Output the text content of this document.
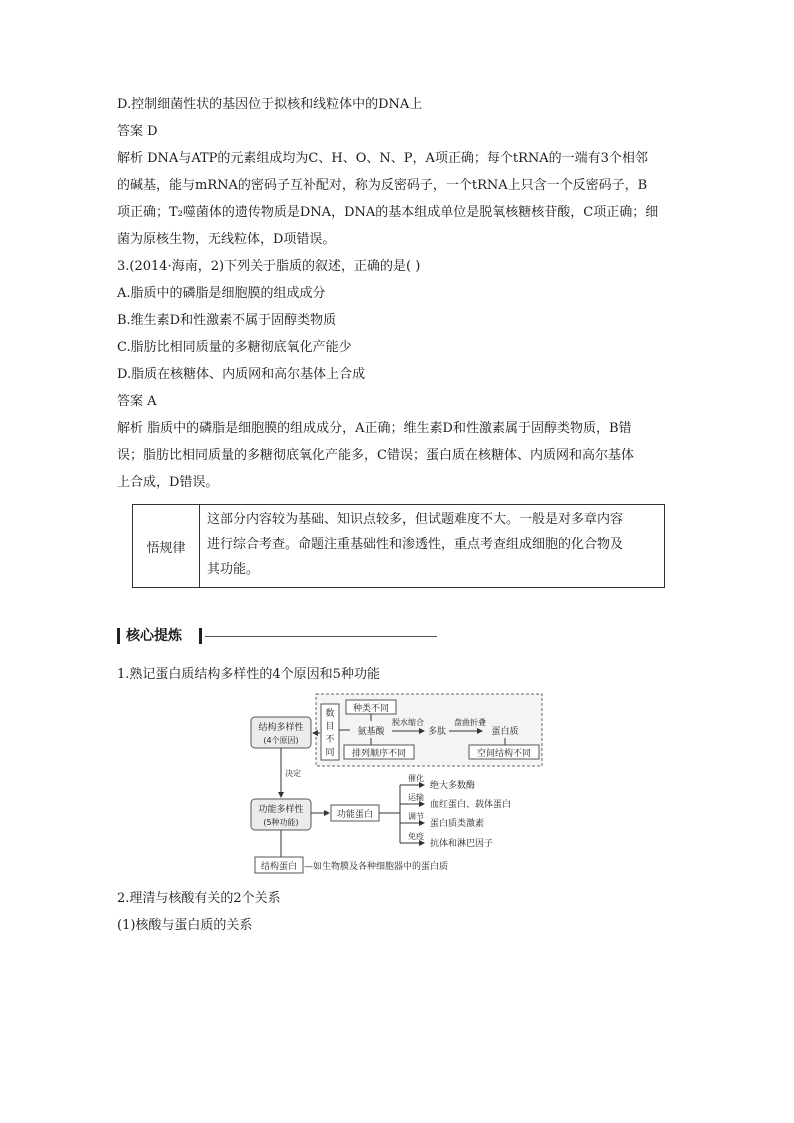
D.控制细菌性状的基因位于拟核和线粒体中的DNA上
答案 D
解析 DNA与ATP的元素组成均为C、H、O、N、P，A项正确；每个tRNA的一端有3个相邻
的碱基，能与mRNA的密码子互补配对，称为反密码子，一个tRNA上只含一个反密码子，B
项正确；T₂噬菌体的遗传物质是DNA，DNA的基本组成单位是脱氧核糖核苷酸，C项正确；细
菌为原核生物，无线粒体，D项错误。
3.(2014·海南，2)下列关于脂质的叙述，正确的是( )
A.脂质中的磷脂是细胞膜的组成成分
B.维生素D和性激素不属于固醇类物质
C.脂肪比相同质量的多糖彻底氧化产能少
D.脂质在核糖体、内质网和高尔基体上合成
答案 A
解析 脂质中的磷脂是细胞膜的组成成分，A正确；维生素D和性激素属于固醇类物质，B错
误；脂肪比相同质量的多糖彻底氧化产能多，C错误；蛋白质在核糖体、内质网和高尔基体
上合成，D错误。
悟规律
这部分内容较为基础、知识点较多，但试题难度不大。一般是对多章内容
进行综合考查。命题注重基础性和渗透性，重点考查组成细胞的化合物及
其功能。
核心提炼
1.熟记蛋白质结构多样性的4个原因和5种功能
结构多样性
(4个原因)
数
目
不
同
种类不同
氨基酸
排列顺序不同
脱水缩合
多肽
盘曲折叠
蛋白质
空间结构不同
决定
功能多样性
(5种功能)
功能蛋白
催化
绝大多数酶
运输
血红蛋白、载体蛋白
调节
蛋白质类激素
免疫
抗体和淋巴因子
结构蛋白 —如生物膜及各种细胞器中的蛋白质
2.理清与核酸有关的2个关系
(1)核酸与蛋白质的关系
